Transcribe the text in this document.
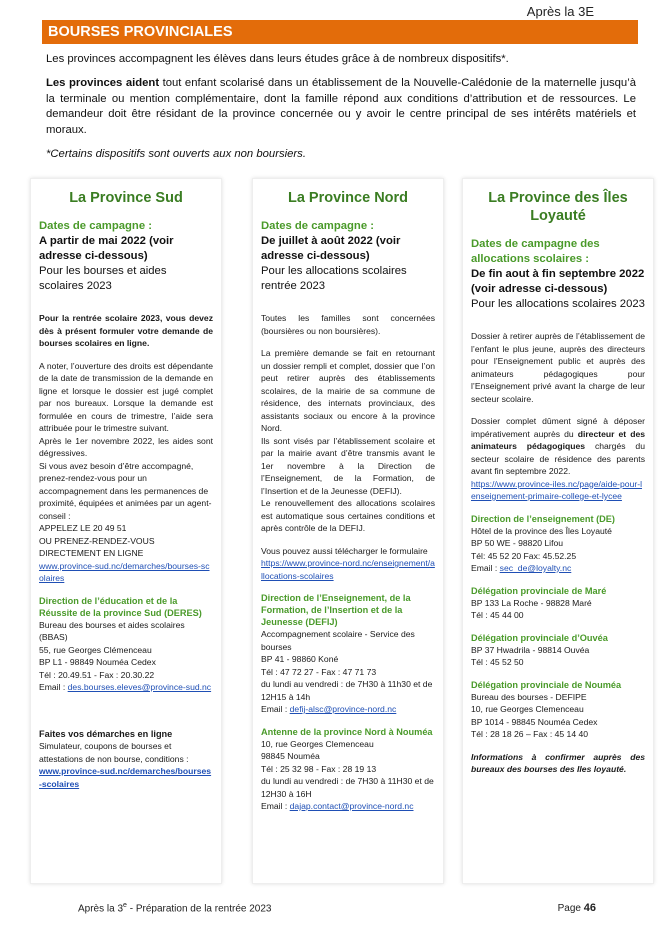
Après la 3E
BOURSES PROVINCIALES

Les provinces accompagnent les élèves dans leurs études grâce à de nombreux dispositifs*.

Les provinces aident tout enfant scolarisé dans un établissement de la Nouvelle-Calédonie de la maternelle jusqu’à la terminale ou mention complémentaire, dont la famille répond aux conditions d’attribution et de ressources. Le demandeur doit être résidant de la province concernée ou y avoir le centre principal de ses intérêts matériels et moraux.

*Certains dispositifs sont ouverts aux non boursiers.

La Province Sud
Dates de campagne :
A partir de mai 2022 (voir adresse ci-dessous)
Pour les bourses et aides scolaires 2023

Pour la rentrée scolaire 2023, vous devez dès à présent formuler votre demande de bourses scolaires en ligne.

A noter, l’ouverture des droits est dépendante de la date de transmission de la demande en ligne et lorsque le dossier est jugé complet par nos bureaux. Lorsque la demande est formulée en cours de trimestre, l’aide sera attribuée pour le trimestre suivant.

Après le 1er novembre 2022, les aides sont dégressives.

Si vous avez besoin d’être accompagné, prenez-rendez-vous pour un accompagnement dans les permanences de proximité, équipées et animées par un agent-conseil :

APPELEZ LE 20 49 51
OU PRENEZ-RENDEZ-VOUS DIRECTEMENT EN LIGNE
www.province-sud.nc/demarches/bourses-scolaires
Direction de l’éducation et de la Réussite de la province Sud (DERES)
Bureau des bourses et aides scolaires (BBAS)
55, rue Georges Clémenceau
BP L1 - 98849 Nouméa Cedex
Tél : 20.49.51 - Fax : 20.30.22
Email : des.bourses.eleves@province-sud.nc
Faites vos démarches en ligne
Simulateur, coupons de bourses et attestations de non bourse, conditions :
www.province-sud.nc/demarches/bourses-scolaires
La Province Nord
Dates de campagne :
De juillet à août 2022 (voir adresse ci-dessous)
Pour les allocations scolaires rentrée 2023

Toutes les familles sont concernées (boursières ou non boursières).

La première demande se fait en retournant un dossier rempli et complet, dossier que l’on peut retirer auprès des établissements scolaires, de la mairie de sa commune de résidence, des internats provinciaux, des assistants sociaux ou encore à la province Nord.

Ils sont visés par l’établissement scolaire et par la mairie avant d’être transmis avant le 1er novembre à la Direction de l’Enseignement, de la Formation, de l’Insertion et de la Jeunesse (DEFIJ).

Le renouvellement des allocations scolaires est automatique sous certaines conditions et après contrôle de la DEFIJ.

Vous pouvez aussi télécharger le formulaire
https://www.province-nord.nc/enseignement/allocations-scolaires
Direction de l’Enseignement, de la Formation, de l’Insertion et de la Jeunesse (DEFIJ)
Accompagnement scolaire - Service des bourses
BP 41 - 98860 Koné
Tél : 47 72 27 - Fax : 47 71 73
du lundi au vendredi : de 7H30 à 11h30 et de 12H15 à 14h
Email : defij-alsc@province-nord.nc
Antenne de la province Nord à Nouméa
10, rue Georges Clemenceau
98845 Nouméa
Tél : 25 32 98 - Fax : 28 19 13
du lundi au vendredi : de 7H30 à 11H30 et de 12H30 à 16H
Email : dajap.contact@province-nord.nc
La Province des Îles Loyauté
Dates de campagne des allocations scolaires :
De fin aout à fin septembre 2022 (voir adresse ci-dessous)
Pour les allocations scolaires 2023

Dossier à retirer auprès de l’établissement de l’enfant le plus jeune, auprès des directeurs pour l’Enseignement public et auprès des animateurs pédagogiques pour l’Enseignement privé avant la charge de leur secteur scolaire.

Dossier complet dûment signé à déposer impérativement auprès du directeur et des animateurs pédagogiques chargés du secteur scolaire de résidence des parents avant fin septembre 2022.

https://www.province-iles.nc/page/aide-pour-lenseignement-primaire-college-et-lycee
Direction de l’enseignement (DE)
Hôtel de la province des Îles Loyauté
BP 50 WE - 98820 Lifou
Tél: 45 52 20 Fax: 45.52.25
Email : sec_de@loyalty.nc
Délégation provinciale de Maré
BP 133 La Roche - 98828 Maré
Tél : 45 44 00
Délégation provinciale d’Ouvéa
BP 37 Hwadrila - 98814 Ouvéa
Tél : 45 52 50
Délégation provinciale de Nouméa
Bureau des bourses - DEFIPE
10, rue Georges Clemenceau
BP 1014 - 98845 Nouméa Cedex
Tél : 28 18 26 – Fax : 45 14 40
Informations à confirmer auprès des bureaux des bourses des Iles loyauté.
Après la 3e - Préparation de la rentrée 2023	Page 46
